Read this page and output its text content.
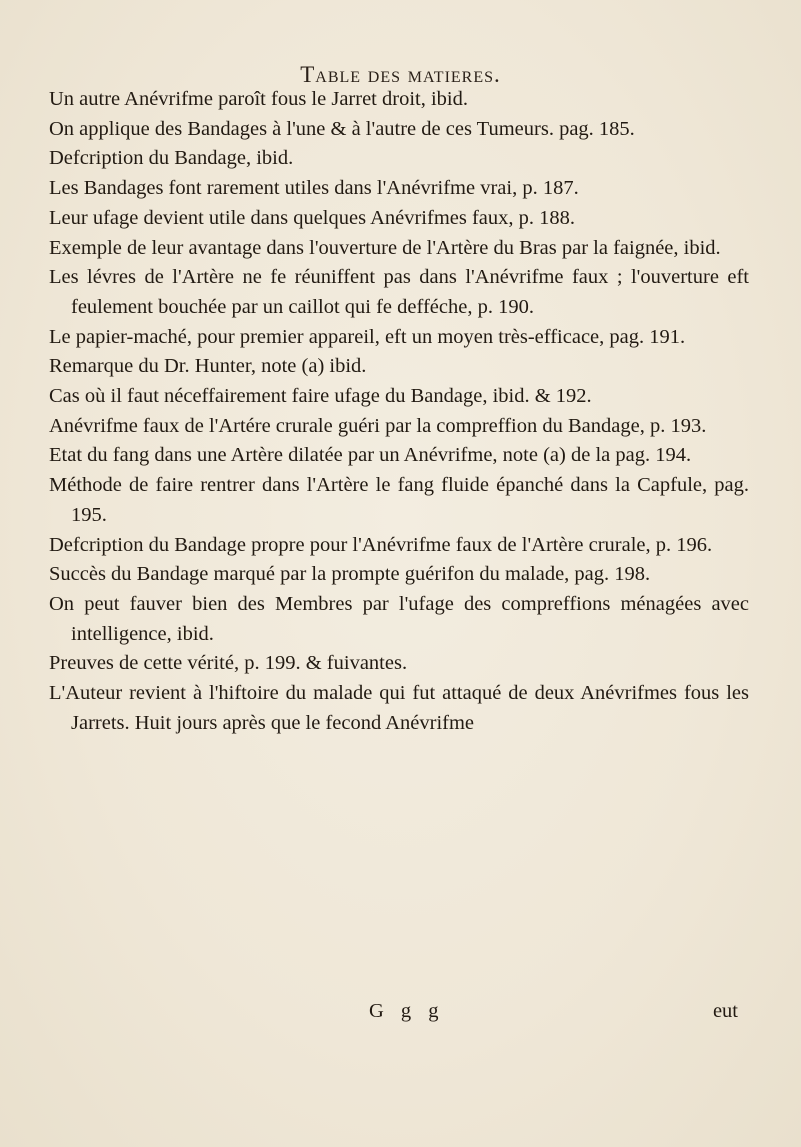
Table des matieres.

Un autre Anévrifme paroît fous le Jarret droit, ibid.

On applique des Bandages à l'une & à l'autre de ces Tumeurs. pag. 185.

Defcription du Bandage, ibid.

Les Bandages font rarement utiles dans l'Anévrifme vrai, p. 187.

Leur ufage devient utile dans quelques Anévrifmes faux, p. 188.

Exemple de leur avantage dans l'ouverture de l'Artère du Bras par la faignée, ibid.

Les lévres de l'Artère ne fe réuniffent pas dans l'Anévrifme faux ; l'ouverture eft feulement bouchée par un caillot qui fe defféche, p. 190.

Le papier-maché, pour premier appareil, eft un moyen très-efficace, pag. 191.

Remarque du Dr. Hunter, note (a) ibid.

Cas où il faut néceffairement faire ufage du Bandage, ibid. & 192.

Anévrifme faux de l'Artére crurale guéri par la compreffion du Bandage, p. 193.

Etat du fang dans une Artère dilatée par un Anévrifme, note (a) de la pag. 194.

Méthode de faire rentrer dans l'Artère le fang fluide épanché dans la Capfule, pag. 195.

Defcription du Bandage propre pour l'Anévrifme faux de l'Artère crurale, p. 196.

Succès du Bandage marqué par la prompte guérifon du malade, pag. 198.

On peut fauver bien des Membres par l'ufage des compreffions ménagées avec intelligence, ibid.

Preuves de cette vérité, p. 199. & fuivantes.

L'Auteur revient à l'hiftoire du malade qui fut attaqué de deux Anévrifmes fous les Jarrets. Huit jours après que le fecond Anévrifme

G g g	eut
